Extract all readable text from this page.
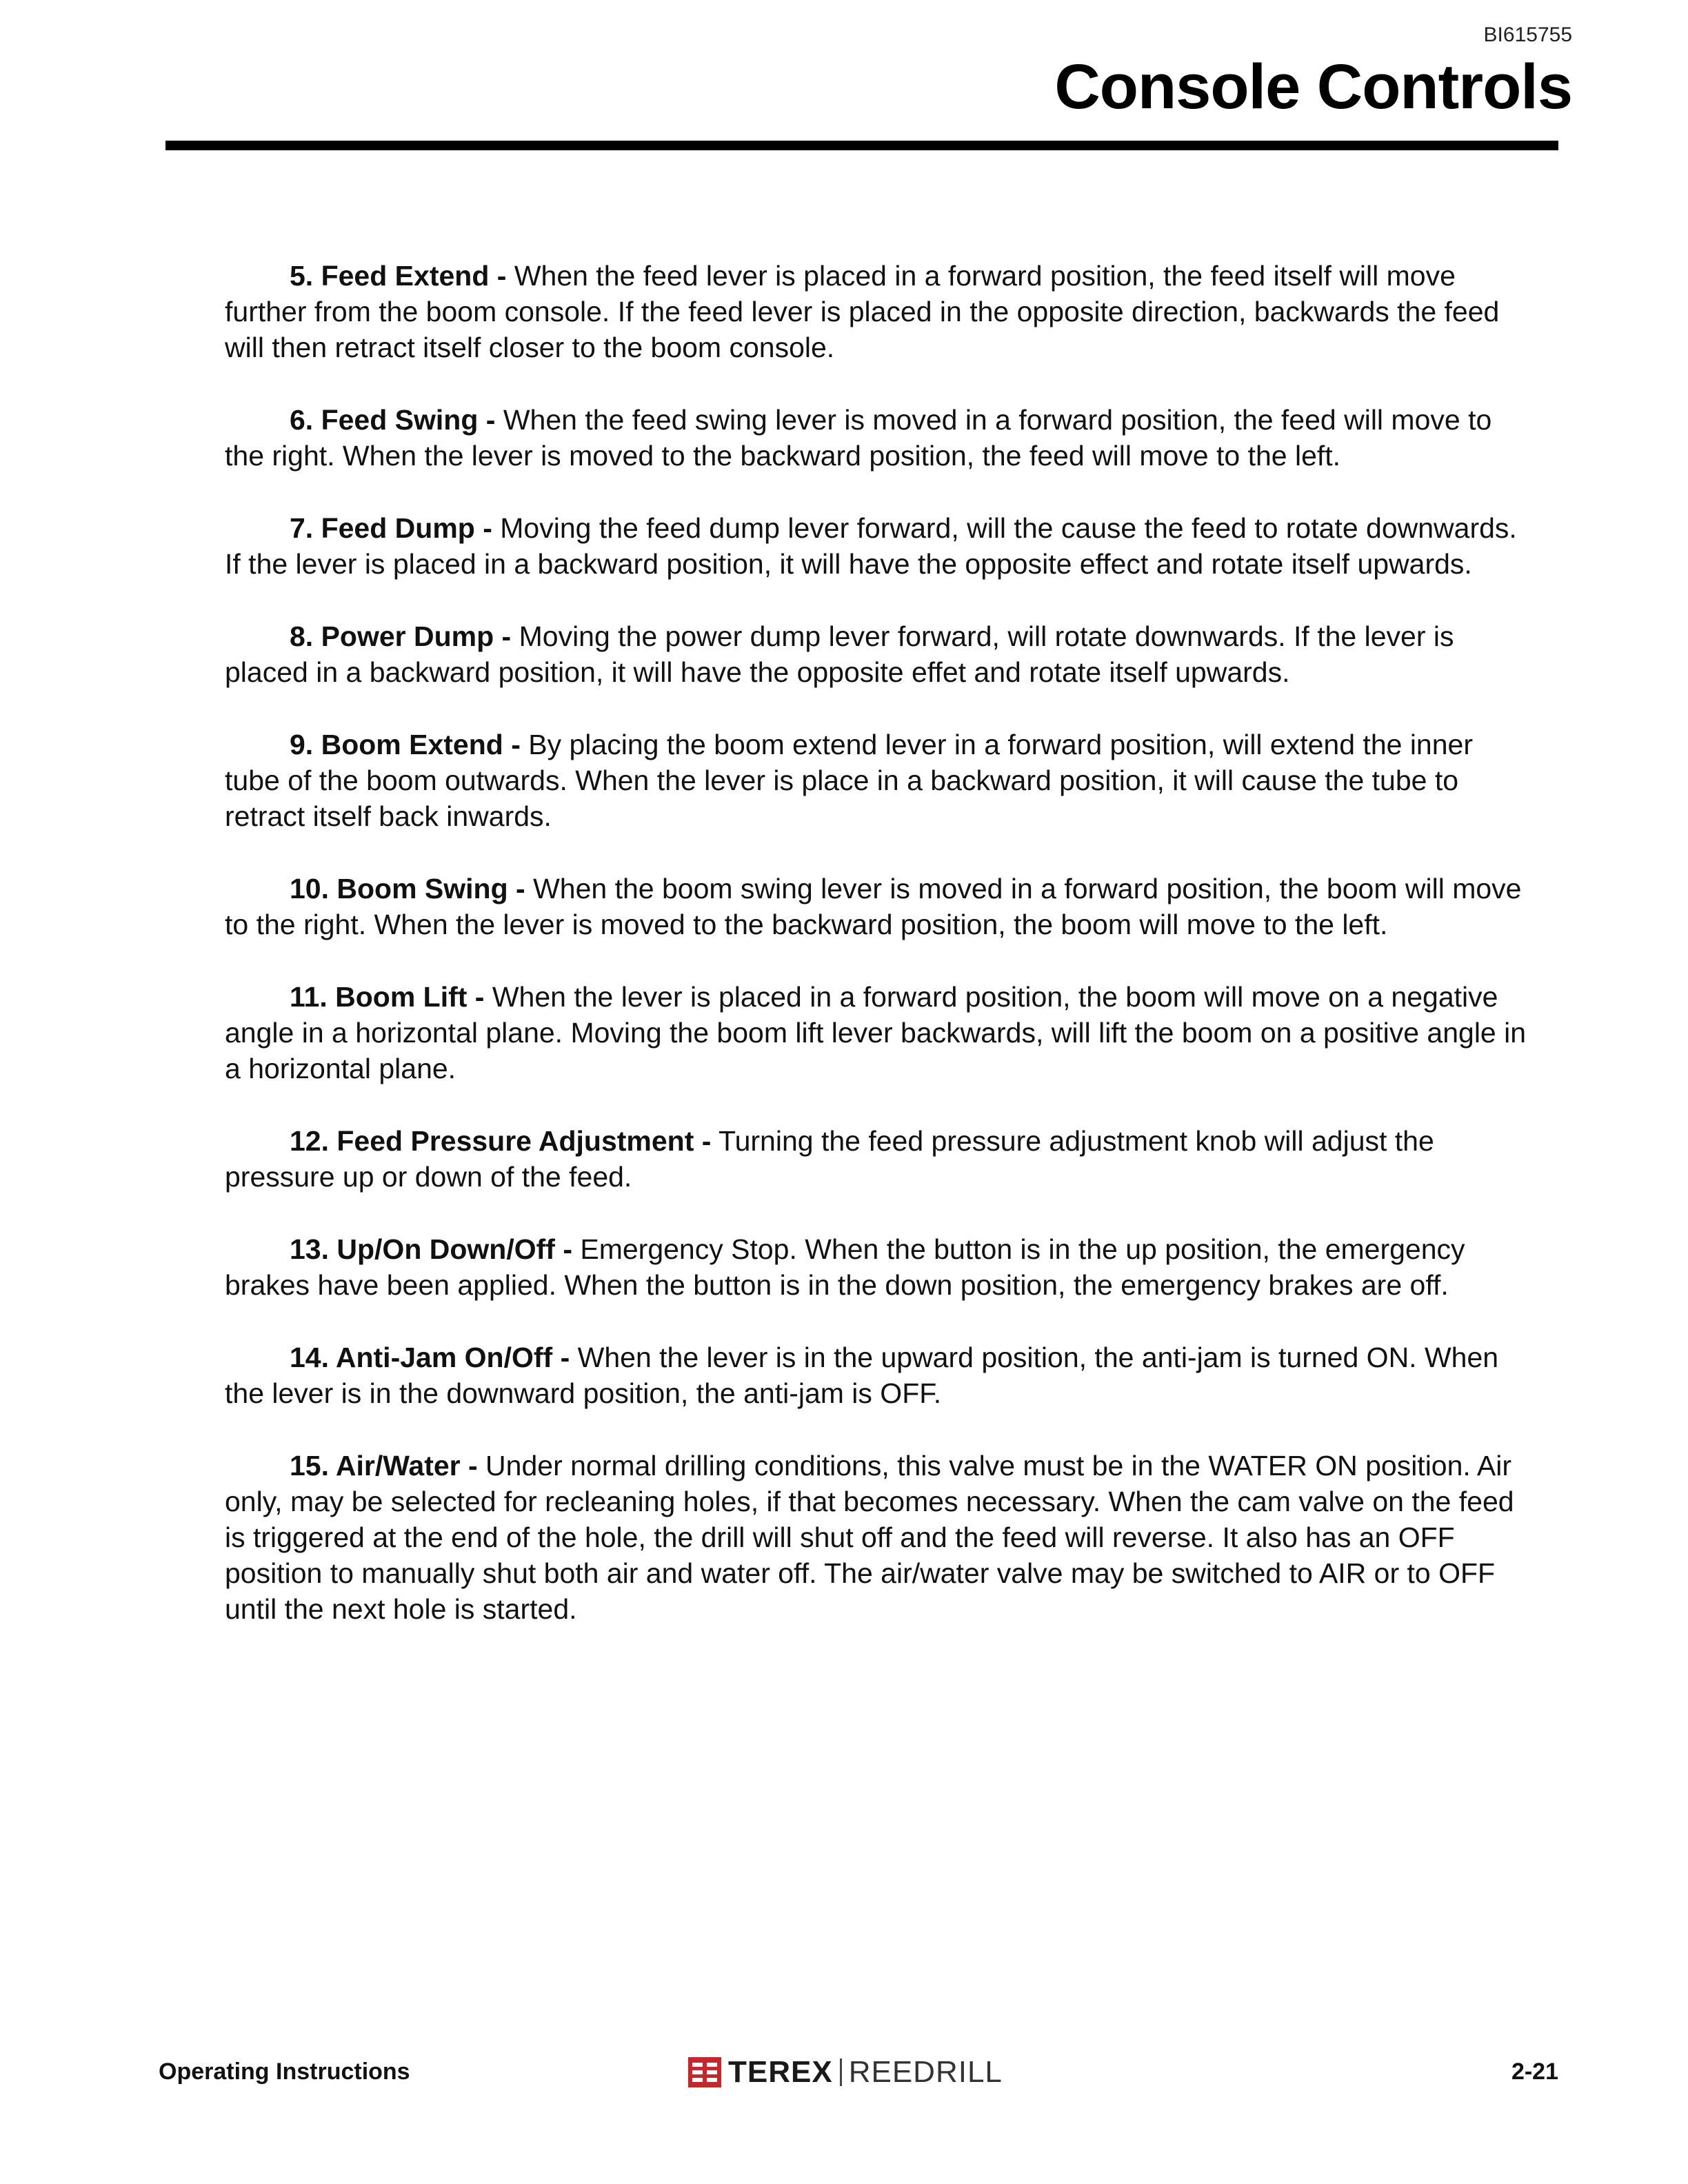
BI615755
Console Controls

5. Feed Extend - When the feed lever is placed in a forward position, the feed itself will move further from the boom console. If the feed lever is placed in the opposite direction, backwards the feed will then retract itself closer to the boom console.

6. Feed Swing - When the feed swing lever is moved in a forward position, the feed will move to the right. When the lever is moved to the backward position, the feed will move to the left.

7. Feed Dump - Moving the feed dump lever forward, will the cause the feed to rotate downwards. If the lever is placed in a backward position, it will have the opposite effect and rotate itself upwards.

8. Power Dump - Moving the power dump lever forward, will rotate downwards. If the lever is placed in a backward position, it will have the opposite effet and rotate itself upwards.

9. Boom Extend - By placing the boom extend lever in a forward position, will extend the inner tube of the boom outwards. When the lever is place in a backward position, it will cause the tube to retract itself back inwards.

10. Boom Swing - When the boom swing lever is moved in a forward position, the boom will move to the right. When the lever is moved to the backward position, the boom will move to the left.

11. Boom Lift - When the lever is placed in a forward position, the boom will move on a negative angle in a horizontal plane. Moving the boom lift lever backwards, will lift the boom on a positive angle in a horizontal plane.

12. Feed Pressure Adjustment - Turning the feed pressure adjustment knob will adjust the pressure up or down of the feed.

13. Up/On Down/Off - Emergency Stop. When the button is in the up position, the emergency brakes have been applied. When the button is in the down position, the emergency brakes are off.

14. Anti-Jam On/Off - When the lever is in the upward position, the anti-jam is turned ON. When the lever is in the downward position, the anti-jam is OFF.

15. Air/Water - Under normal drilling conditions, this valve must be in the WATER ON position. Air only, may be selected for recleaning holes, if that becomes necessary. When the cam valve on the feed is triggered at the end of the hole, the drill will shut off and the feed will reverse. It also has an OFF position to manually shut both air and water off. The air/water valve may be switched to AIR or to OFF until the next hole is started.

Operating Instructions	TEREX REEDRILL	2-21
